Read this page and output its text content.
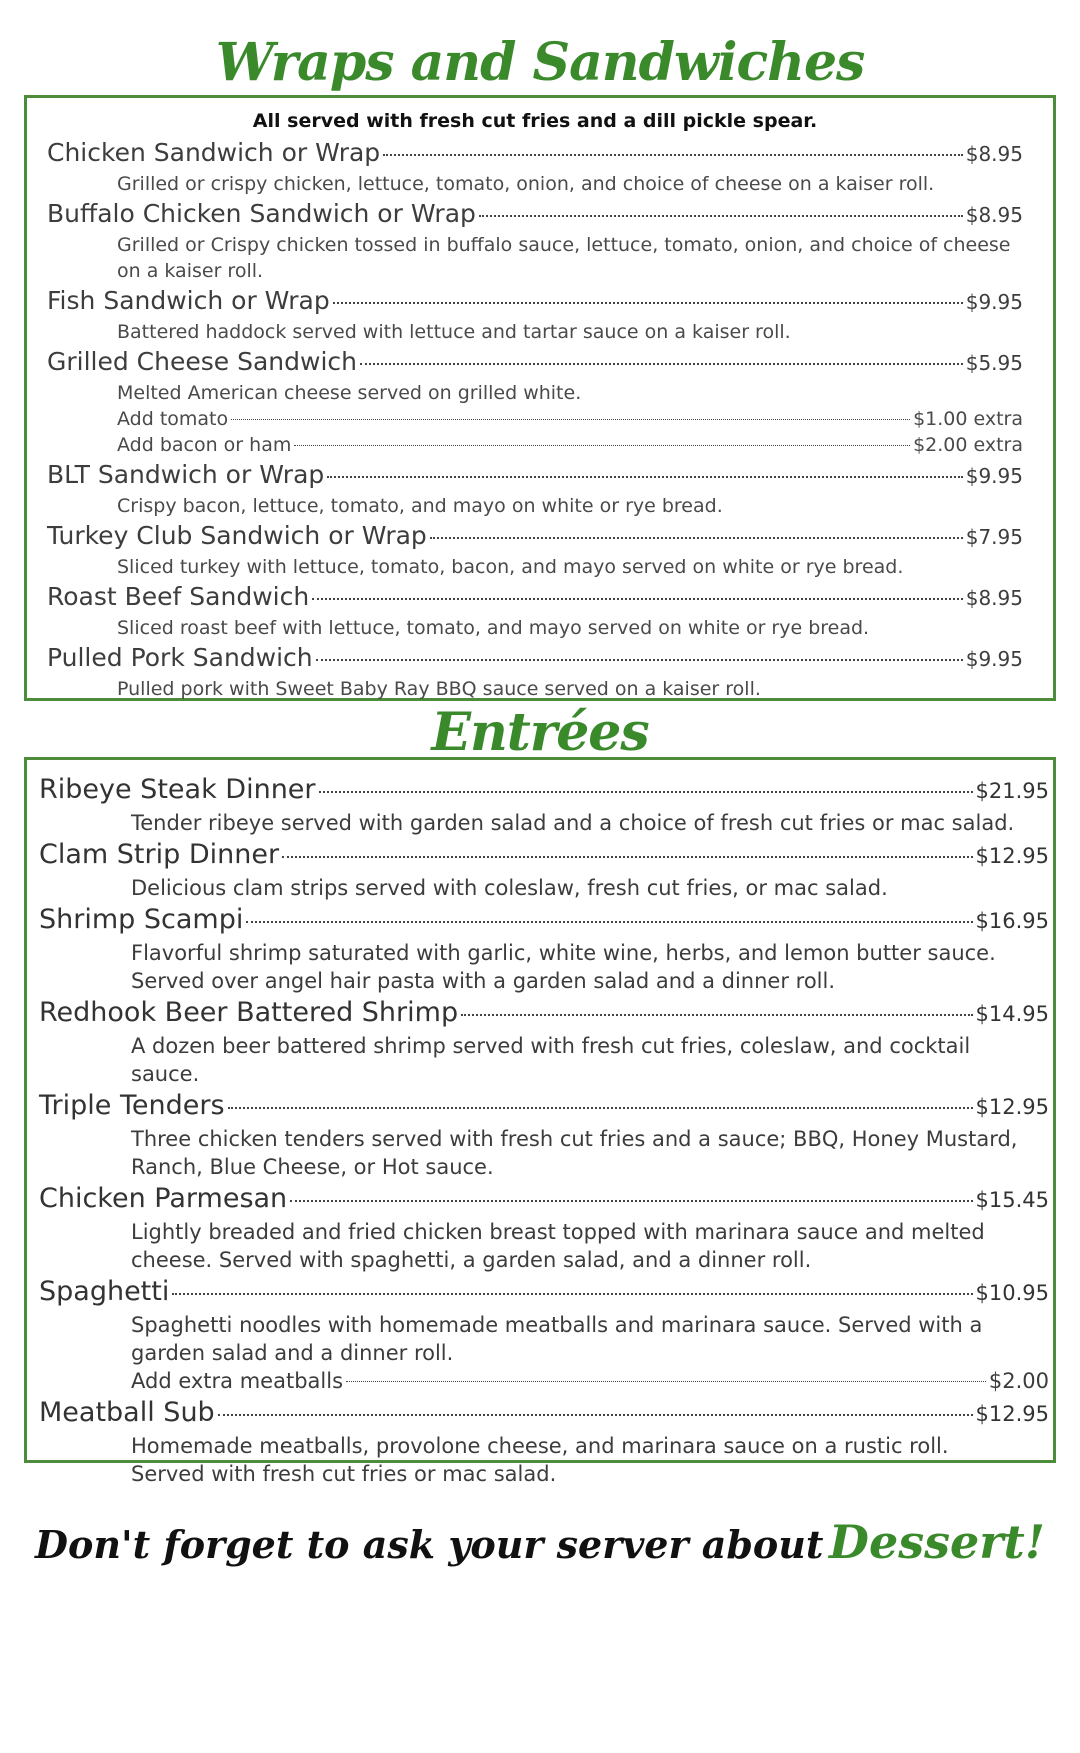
Wraps and Sandwiches
All served with fresh cut fries and a dill pickle spear.
Chicken Sandwich or Wrap	$8.95
Grilled or crispy chicken, lettuce, tomato, onion, and choice of cheese on a kaiser roll.
Buffalo Chicken Sandwich or Wrap	$8.95
Grilled or Crispy chicken tossed in buffalo sauce, lettuce, tomato, onion, and choice of cheese on a kaiser roll.
Fish Sandwich or Wrap	$9.95
Battered haddock served with lettuce and tartar sauce on a kaiser roll.
Grilled Cheese Sandwich	$5.95
Melted American cheese served on grilled white.
Add tomato	$1.00 extra
Add bacon or ham	$2.00 extra
BLT Sandwich or Wrap	$9.95
Crispy bacon, lettuce, tomato, and mayo on white or rye bread.
Turkey Club Sandwich or Wrap	$7.95
Sliced turkey with lettuce, tomato, bacon, and mayo served on white or rye bread.
Roast Beef Sandwich	$8.95
Sliced roast beef with lettuce, tomato, and mayo served on white or rye bread.
Pulled Pork Sandwich	$9.95
Pulled pork with Sweet Baby Ray BBQ sauce served on a kaiser roll.
Entrées
Ribeye Steak Dinner	$21.95
Tender ribeye served with garden salad and a choice of fresh cut fries or mac salad.
Clam Strip Dinner	$12.95
Delicious clam strips served with coleslaw, fresh cut fries, or mac salad.
Shrimp Scampi	$16.95
Flavorful shrimp saturated with garlic, white wine, herbs, and lemon butter sauce. Served over angel hair pasta with a garden salad and a dinner roll.
Redhook Beer Battered Shrimp	$14.95
A dozen beer battered shrimp served with fresh cut fries, coleslaw, and cocktail sauce.
Triple Tenders	$12.95
Three chicken tenders served with fresh cut fries and a sauce; BBQ, Honey Mustard, Ranch, Blue Cheese, or Hot sauce.
Chicken Parmesan	$15.45
Lightly breaded and fried chicken breast topped with marinara sauce and melted cheese. Served with spaghetti, a garden salad, and a dinner roll.
Spaghetti	$10.95
Spaghetti noodles with homemade meatballs and marinara sauce. Served with a garden salad and a dinner roll.
Add extra meatballs	$2.00
Meatball Sub	$12.95
Homemade meatballs, provolone cheese, and marinara sauce on a rustic roll. Served with fresh cut fries or mac salad.
Don't forget to ask your server about Dessert!
